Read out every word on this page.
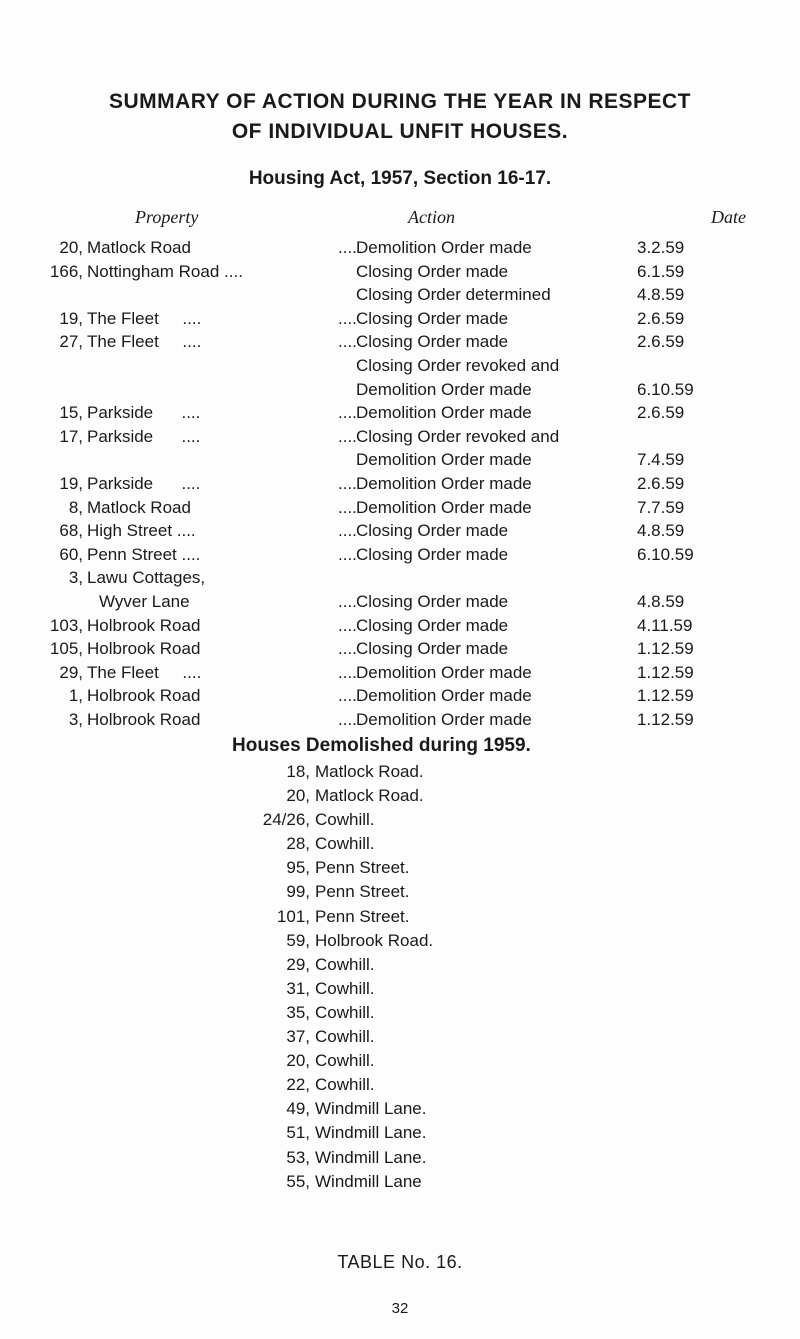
SUMMARY OF ACTION DURING THE YEAR IN RESPECT
OF INDIVIDUAL UNFIT HOUSES.
Housing Act, 1957, Section 16-17.
Property	Action	Date
20, Matlock Road	.... Demolition Order made	3.2.59
166, Nottingham Road ....	Closing Order made	6.1.59
Closing Order determined	4.8.59
19, The Fleet     ....	.... Closing Order made	2.6.59
27, The Fleet     ....	.... Closing Order made	2.6.59
Closing Order revoked and
Demolition Order made	6.10.59
15, Parkside      ....	.... Demolition Order made	2.6.59
17, Parkside      ....	.... Closing Order revoked and
Demolition Order made	7.4.59
19, Parkside      ....	.... Demolition Order made	2.6.59
8, Matlock Road	.... Demolition Order made	7.7.59
68, High Street ....	.... Closing Order made	4.8.59
60, Penn Street ....	.... Closing Order made	6.10.59
3, Lawu Cottages,
Wyver Lane	.... Closing Order made	4.8.59
103, Holbrook Road	.... Closing Order made	4.11.59
105, Holbrook Road	.... Closing Order made	1.12.59
29, The Fleet     ....	.... Demolition Order made	1.12.59
1, Holbrook Road	.... Demolition Order made	1.12.59
3, Holbrook Road	.... Demolition Order made	1.12.59
Houses Demolished during 1959.
18, Matlock Road.
20, Matlock Road.
24/26, Cowhill.
28, Cowhill.
95, Penn Street.
99, Penn Street.
101, Penn Street.
59, Holbrook Road.
29, Cowhill.
31, Cowhill.
35, Cowhill.
37, Cowhill.
20, Cowhill.
22, Cowhill.
49, Windmill Lane.
51, Windmill Lane.
53, Windmill Lane.
55, Windmill Lane
TABLE No. 16.
32
